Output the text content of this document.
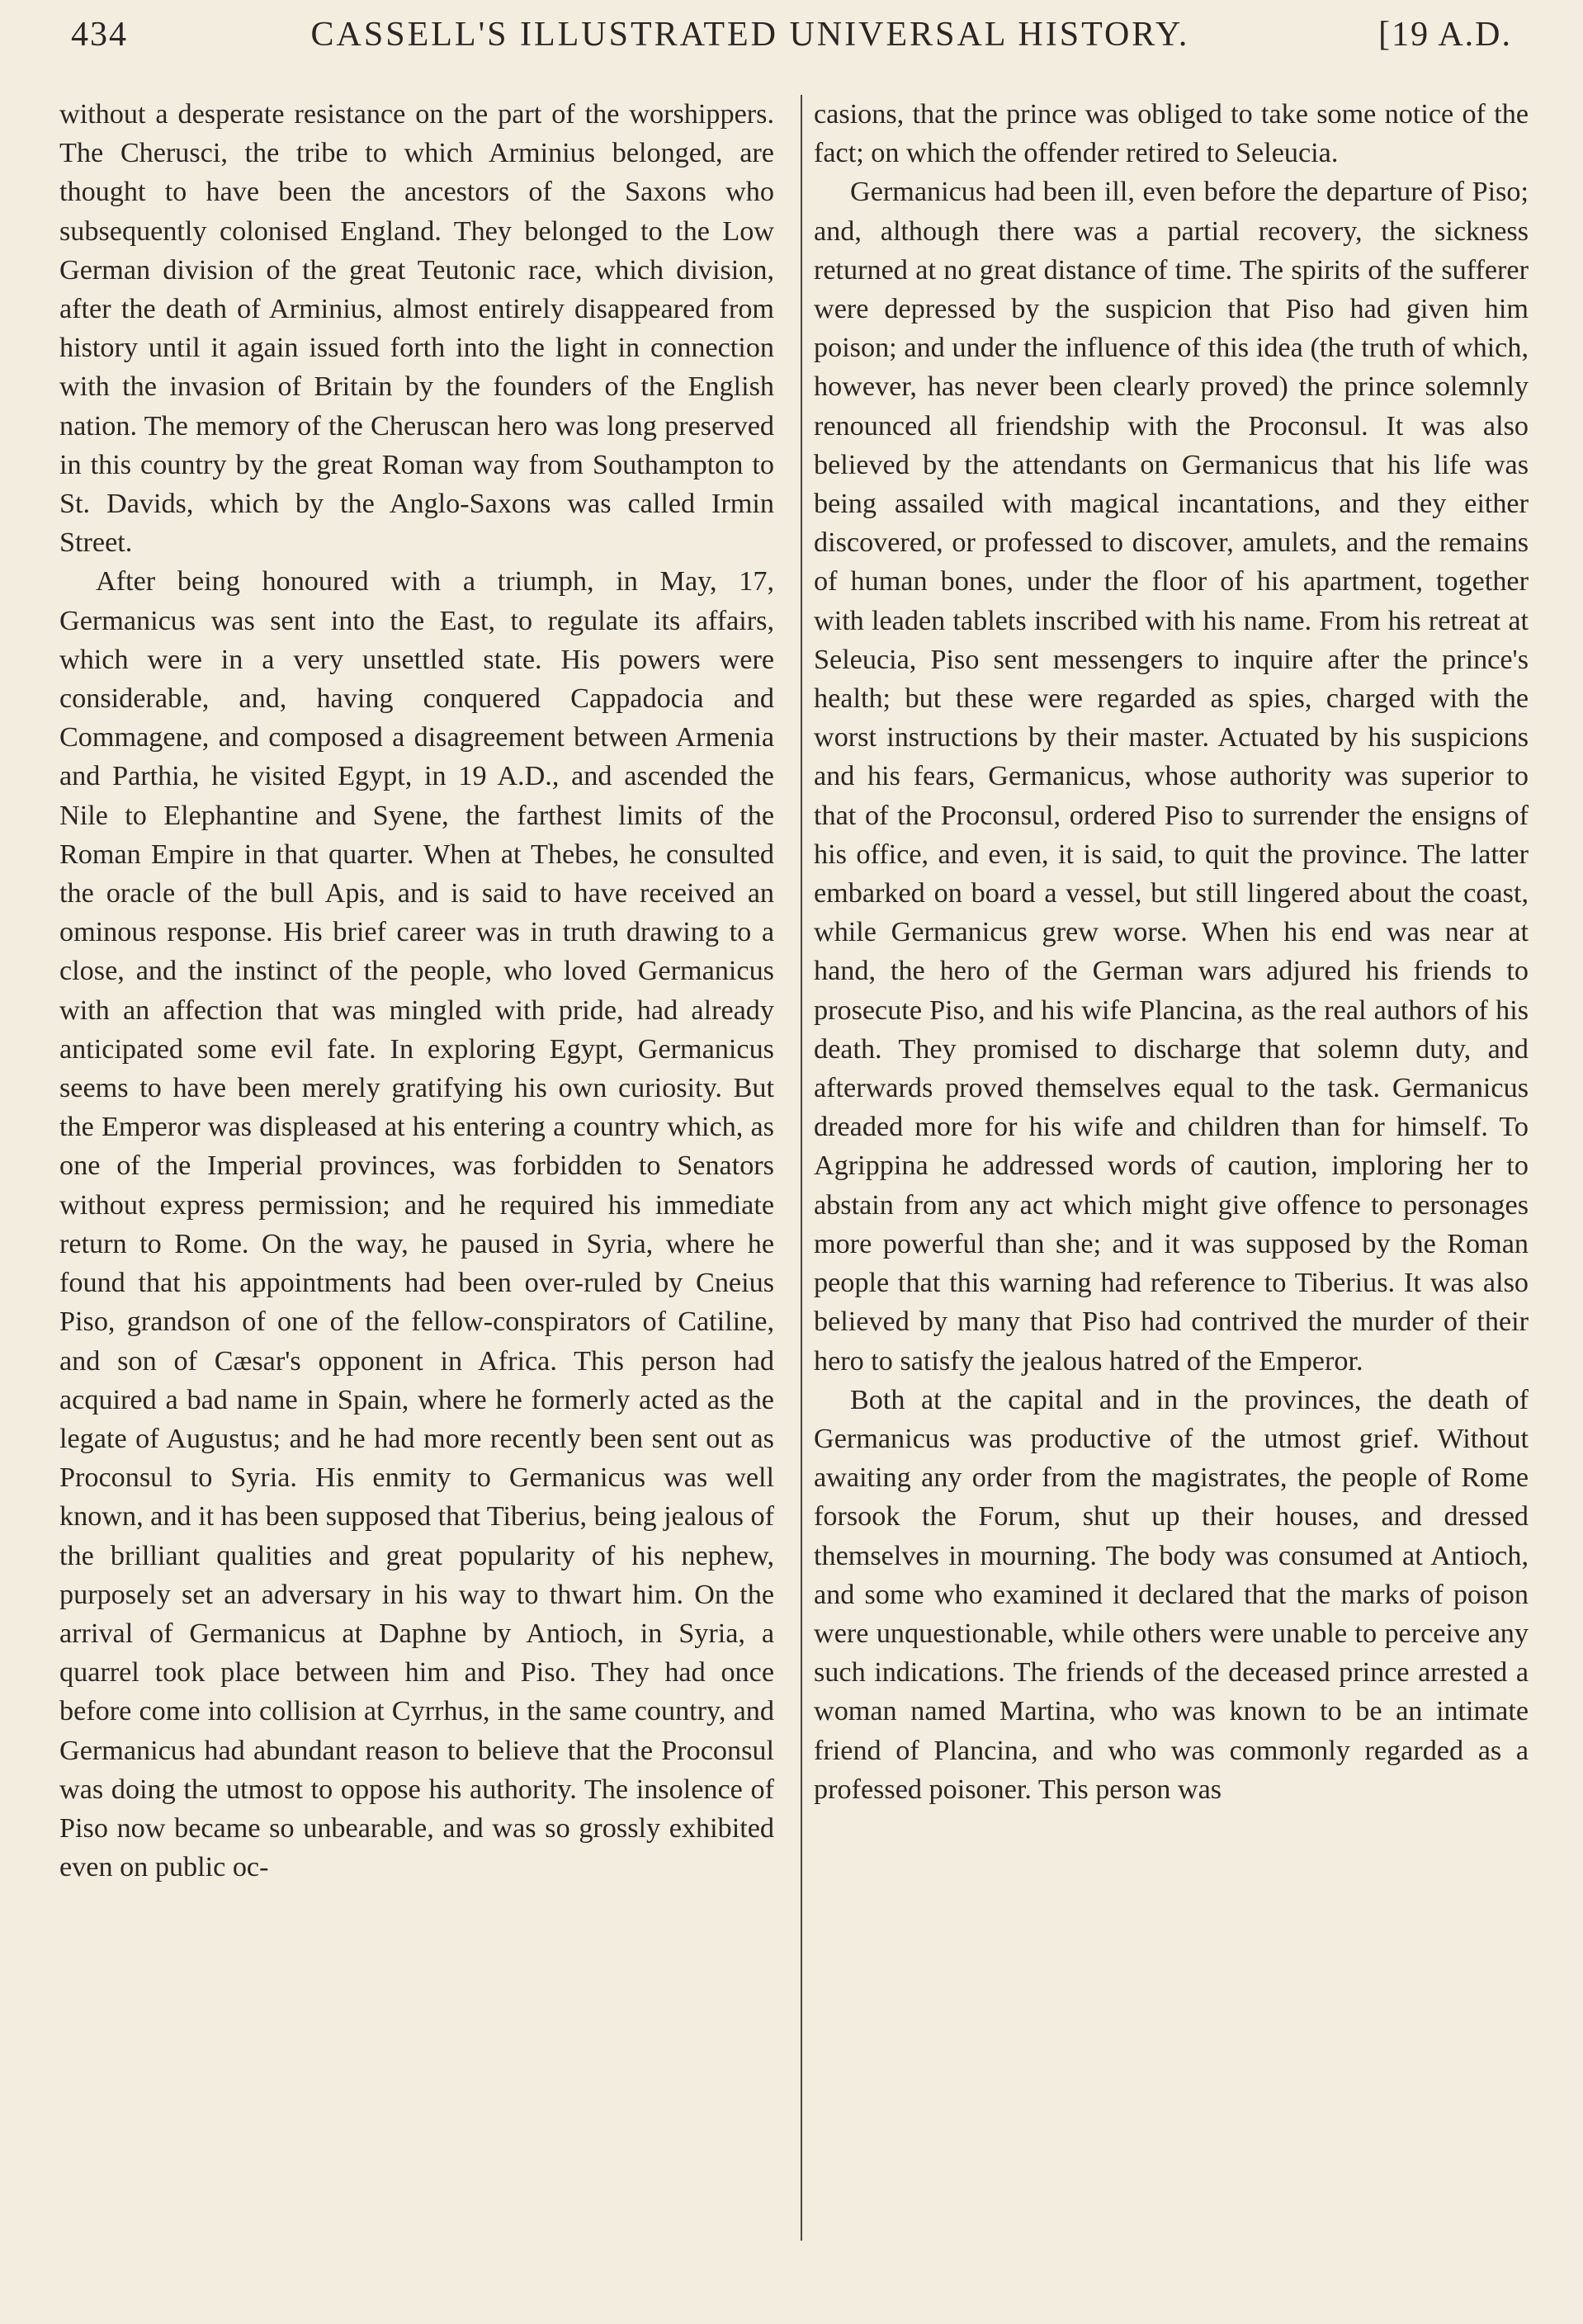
434	CASSELL'S ILLUSTRATED UNIVERSAL HISTORY.	[19 A.D.

without a desperate resistance on the part of the worshippers. The Cherusci, the tribe to which Arminius belonged, are thought to have been the ancestors of the Saxons who subsequently colonised England. They belonged to the Low German division of the great Teutonic race, which division, after the death of Arminius, almost entirely disappeared from history until it again issued forth into the light in connection with the invasion of Britain by the founders of the English nation. The memory of the Cheruscan hero was long preserved in this country by the great Roman way from Southampton to St. Davids, which by the Anglo-Saxons was called Irmin Street.

After being honoured with a triumph, in May, 17, Germanicus was sent into the East, to regulate its affairs, which were in a very unsettled state. His powers were considerable, and, having conquered Cappadocia and Commagene, and composed a disagreement between Armenia and Parthia, he visited Egypt, in 19 A.D., and ascended the Nile to Elephantine and Syene, the farthest limits of the Roman Empire in that quarter. When at Thebes, he consulted the oracle of the bull Apis, and is said to have received an ominous response. His brief career was in truth drawing to a close, and the instinct of the people, who loved Germanicus with an affection that was mingled with pride, had already anticipated some evil fate. In exploring Egypt, Germanicus seems to have been merely gratifying his own curiosity. But the Emperor was displeased at his entering a country which, as one of the Imperial provinces, was forbidden to Senators without express permission; and he required his immediate return to Rome. On the way, he paused in Syria, where he found that his appointments had been over-ruled by Cneius Piso, grandson of one of the fellow-conspirators of Catiline, and son of Cæsar's opponent in Africa. This person had acquired a bad name in Spain, where he formerly acted as the legate of Augustus; and he had more recently been sent out as Proconsul to Syria. His enmity to Germanicus was well known, and it has been supposed that Tiberius, being jealous of the brilliant qualities and great popularity of his nephew, purposely set an adversary in his way to thwart him. On the arrival of Germanicus at Daphne by Antioch, in Syria, a quarrel took place between him and Piso. They had once before come into collision at Cyrrhus, in the same country, and Germanicus had abundant reason to believe that the Proconsul was doing the utmost to oppose his authority. The insolence of Piso now became so unbearable, and was so grossly exhibited even on public oc-

casions, that the prince was obliged to take some notice of the fact; on which the offender retired to Seleucia.

Germanicus had been ill, even before the departure of Piso; and, although there was a partial recovery, the sickness returned at no great distance of time. The spirits of the sufferer were depressed by the suspicion that Piso had given him poison; and under the influence of this idea (the truth of which, however, has never been clearly proved) the prince solemnly renounced all friendship with the Proconsul. It was also believed by the attendants on Germanicus that his life was being assailed with magical incantations, and they either discovered, or professed to discover, amulets, and the remains of human bones, under the floor of his apartment, together with leaden tablets inscribed with his name. From his retreat at Seleucia, Piso sent messengers to inquire after the prince's health; but these were regarded as spies, charged with the worst instructions by their master. Actuated by his suspicions and his fears, Germanicus, whose authority was superior to that of the Proconsul, ordered Piso to surrender the ensigns of his office, and even, it is said, to quit the province. The latter embarked on board a vessel, but still lingered about the coast, while Germanicus grew worse. When his end was near at hand, the hero of the German wars adjured his friends to prosecute Piso, and his wife Plancina, as the real authors of his death. They promised to discharge that solemn duty, and afterwards proved themselves equal to the task. Germanicus dreaded more for his wife and children than for himself. To Agrippina he addressed words of caution, imploring her to abstain from any act which might give offence to personages more powerful than she; and it was supposed by the Roman people that this warning had reference to Tiberius. It was also believed by many that Piso had contrived the murder of their hero to satisfy the jealous hatred of the Emperor.

Both at the capital and in the provinces, the death of Germanicus was productive of the utmost grief. Without awaiting any order from the magistrates, the people of Rome forsook the Forum, shut up their houses, and dressed themselves in mourning. The body was consumed at Antioch, and some who examined it declared that the marks of poison were unquestionable, while others were unable to perceive any such indications. The friends of the deceased prince arrested a woman named Martina, who was known to be an intimate friend of Plancina, and who was commonly regarded as a professed poisoner. This person was
